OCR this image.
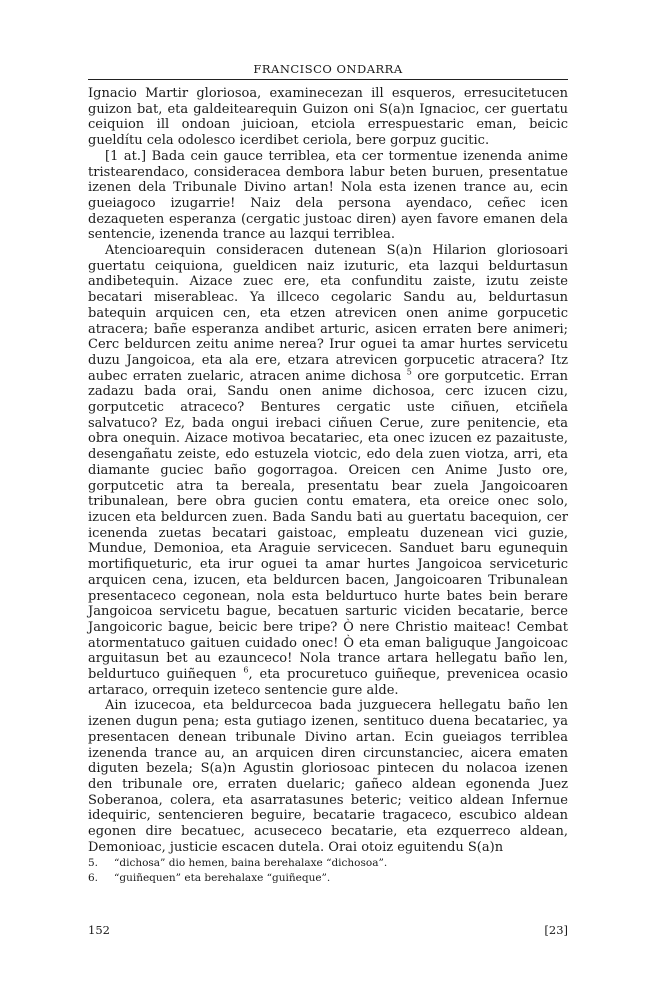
FRANCISCO ONDARRA

Ignacio Martir gloriosoa, examinecezan ill esqueros, erresucitetucen guizon bat, eta galdeitearequin Guizon oni S(a)n Ignacioc, cer guertatu ceiquion ill ondoan juicioan, etciola errespuestaric eman, beicic gueldítu cela odolesco icerdibet ceriola, bere gorpuz gucitic.

[1 at.] Bada cein gauce terriblea, eta cer tormentue izenenda anime tristearendaco, consideracea dembora labur beten buruen, presentatue izenen dela Tribunale Divino artan! Nola esta izenen trance au, ecin gueiagoco izugarrie! Naiz dela persona ayendaco, ceñec icen dezaqueten esperanza (cergatic justoac diren) ayen favore emanen dela sentencie, izenenda trance au lazqui terriblea.

Atencioarequin consideracen dutenean S(a)n Hilarion gloriosoari guertatu ceiquiona, gueldicen naiz izuturic, eta lazqui beldurtasun andibetequin. Aizace zuec ere, eta confunditu zaiste, izutu zeiste becatari miserableac. Ya illceco cegolaric Sandu au, beldurtasun batequin arquicen cen, eta etzen atrevicen onen anime gorpucetic atracera; bañe esperanza andibet arturic, asicen erraten bere animeri; Cerc beldurcen zeitu anime nerea? Irur oguei ta amar hurtes servicetu duzu Jangoicoa, eta ala ere, etzara atrevicen gorpucetic atracera? Itz aubec erraten zuelaric, atracen anime dichosa $^5$ ore gorputcetic. Erran zadazu bada orai, Sandu onen anime dichosoa, cerc izucen cizu, gorputcetic atraceco? Bentures cergatic uste ciñuen, etciñela salvatuco? Ez, bada ongui irebaci ciñuen Cerue, zure penitencie, eta obra onequin. Aizace motivoa becatariec, eta onec izucen ez pazaituste, desengañatu zeiste, edo estuzela viotcic, edo dela zuen viotza, arri, eta diamante guciec baño gogorragoa. Oreicen cen Anime Justo ore, gorputcetic atra ta bereala, presentatu bear zuela Jangoicoaren tribunalean, bere obra gucien contu ematera, eta oreice onec solo, izucen eta beldurcen zuen. Bada Sandu bati au guertatu bacequion, cer icenenda zuetas becatari gaistoac, empleatu duzenean vici guzie, Mundue, Demonioa, eta Araguie servicecen. Sanduet baru egunequin mortifiqueturic, eta irur oguei ta amar hurtes Jangoicoa serviceturic arquicen cena, izucen, eta beldurcen bacen, Jangoicoaren Tribunalean presentaceco cegonean, nola esta beldurtuco hurte bates bein berare Jangoicoa servicetu bague, becatuen sarturic viciden becatarie, berce Jangoicoric bague, beicic bere tripe? Ò nere Christio maiteac! Cembat atormentatuco gaituen cuidado onec! Ò eta eman baliguque Jangoicoac arguitasun bet au ezaunceco! Nola trance artara hellegatu baño len, beldurtuco guiñequen $^6$, eta procuretuco guiñeque, prevenicea ocasio artaraco, orrequin izeteco sentencie gure alde.

Ain izucecoa, eta beldurcecoa bada juzguecera hellegatu baño len izenen dugun pena; esta gutiago izenen, sentituco duena becatariec, ya presentacen denean tribunale Divino artan. Ecin gueiagos terriblea izenenda trance au, an arquicen diren circunstanciec, aicera ematen diguten bezela; S(a)n Agustin gloriosoac pintecen du nolacoa izenen den tribunale ore, erraten duelaric; gañeco aldean egonenda Juez Soberanoa, colera, eta asarratasunes beteric; veitico aldean Infernue idequiric, sentencieren beguire, becatarie tragaceco, escubico aldean egonen dire becatuec, acusececo becatarie, eta ezquerreco aldean, Demonioac, justicie escacen dutela. Orai otoiz eguitendu S(a)n

5.	“dichosa” dio hemen, baina berehalaxe “dichosoa”.
6.	“guiñequen” eta berehalaxe “guiñeque”.
152	[23]
